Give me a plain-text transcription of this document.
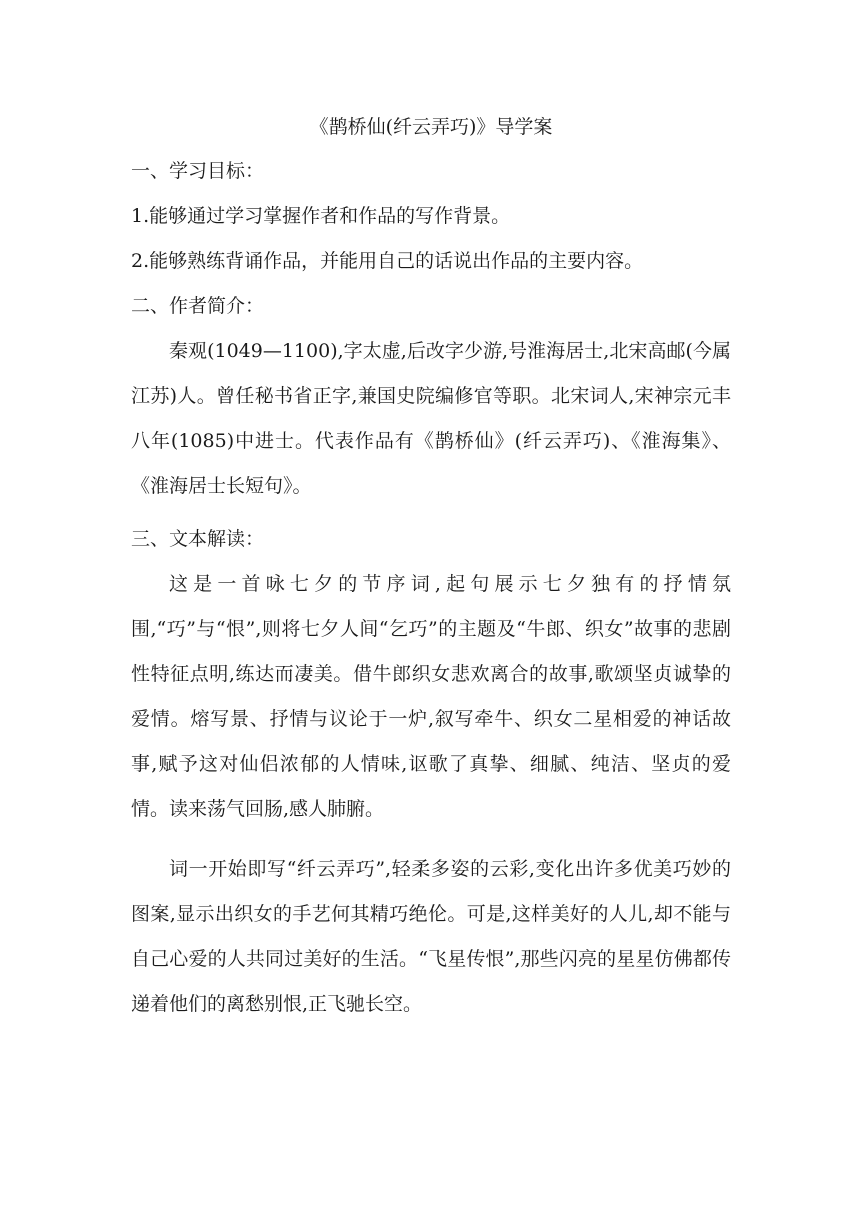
《鹊桥仙(纤云弄巧)》导学案
一、学习目标：
1.能够通过学习掌握作者和作品的写作背景。
2.能够熟练背诵作品，并能用自己的话说出作品的主要内容。
二、作者简介：
秦观(1049—1100),字太虚,后改字少游,号淮海居士,北宋高邮(今属江苏)人。曾任秘书省正字,兼国史院编修官等职。北宋词人,宋神宗元丰八年(1085)中进士。代表作品有《鹊桥仙》(纤云弄巧)、《淮海集》、《淮海居士长短句》。
三、文本解读：
这是一首咏七夕的节序词,起句展示七夕独有的抒情氛围,“巧”与“恨”,则将七夕人间“乞巧”的主题及“牛郎、织女”故事的悲剧性特征点明,练达而凄美。借牛郎织女悲欢离合的故事,歌颂坚贞诚挚的爱情。熔写景、抒情与议论于一炉,叙写牵牛、织女二星相爱的神话故事,赋予这对仙侣浓郁的人情味,讴歌了真挚、细腻、纯洁、坚贞的爱情。读来荡气回肠,感人肺腑。
词一开始即写“纤云弄巧”,轻柔多姿的云彩,变化出许多优美巧妙的图案,显示出织女的手艺何其精巧绝伦。可是,这样美好的人儿,却不能与自己心爱的人共同过美好的生活。“飞星传恨”,那些闪亮的星星仿佛都传递着他们的离愁别恨,正飞驰长空。
